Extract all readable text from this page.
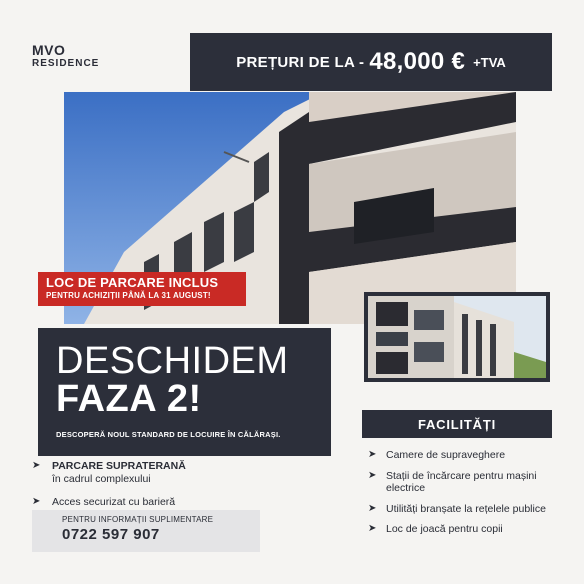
MVO
RESIDENCE	PREȚURI DE LA - 48,000 € +TVA
LOC DE PARCARE INCLUS
PENTRU ACHIZIȚII PÂNĂ LA 31 AUGUST!
DESCHIDEM
FAZA 2!
DESCOPERĂ NOUL STANDARD DE LOCUIRE ÎN CĂLĂRAȘI.
➤	PARCARE SUPRATERANĂ
în cadrul complexului
➤	Acces securizat cu barieră
PENTRU INFORMAȚII SUPLIMENTARE
0722 597 907
FACILITĂȚI
➤ Camere de supraveghere
➤ Stații de încărcare pentru mașini electrice
➤ Utilități branșate la rețelele publice
➤ Loc de joacă pentru copii
